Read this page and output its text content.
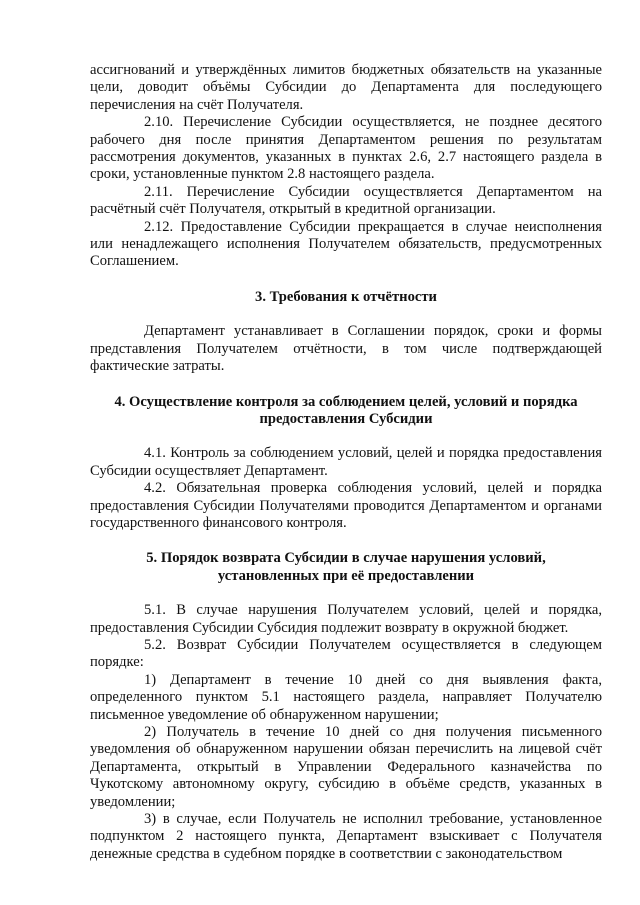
ассигнований и утверждённых лимитов бюджетных обязательств на указанные цели, доводит объёмы Субсидии до Департамента для последующего перечисления на счёт Получателя.

2.10. Перечисление Субсидии осуществляется, не позднее десятого рабочего дня после принятия Департаментом решения по результатам рассмотрения документов, указанных в пунктах 2.6, 2.7 настоящего раздела в сроки, установленные пунктом 2.8 настоящего раздела.

2.11. Перечисление Субсидии осуществляется Департаментом на расчётный счёт Получателя, открытый в кредитной организации.

2.12. Предоставление Субсидии прекращается в случае неисполнения или ненадлежащего исполнения Получателем обязательств, предусмотренных Соглашением.

3. Требования к отчётности

Департамент устанавливает в Соглашении порядок, сроки и формы представления Получателем отчётности, в том числе подтверждающей фактические затраты.

4. Осуществление контроля за соблюдением целей, условий и порядка

предоставления Субсидии

4.1. Контроль за соблюдением условий, целей и порядка предоставления Субсидии осуществляет Департамент.

4.2. Обязательная проверка соблюдения условий, целей и порядка предоставления Субсидии Получателями проводится Департаментом и органами государственного финансового контроля.

5. Порядок возврата Субсидии в случае нарушения условий,

установленных при её предоставлении

5.1. В случае нарушения Получателем условий, целей и порядка, предоставления Субсидии Субсидия подлежит возврату в окружной бюджет.

5.2. Возврат Субсидии Получателем осуществляется в следующем порядке:

1) Департамент в течение 10 дней со дня выявления факта, определенного пунктом 5.1 настоящего раздела, направляет Получателю письменное уведомление об обнаруженном нарушении;

2) Получатель в течение 10 дней со дня получения письменного уведомления об обнаруженном нарушении обязан перечислить на лицевой счёт Департамента, открытый в Управлении Федерального казначейства по Чукотскому автономному округу, субсидию в объёме средств, указанных в уведомлении;

3) в случае, если Получатель не исполнил требование, установленное подпунктом 2 настоящего пункта, Департамент взыскивает с Получателя денежные средства в судебном порядке в соответствии с законодательством
